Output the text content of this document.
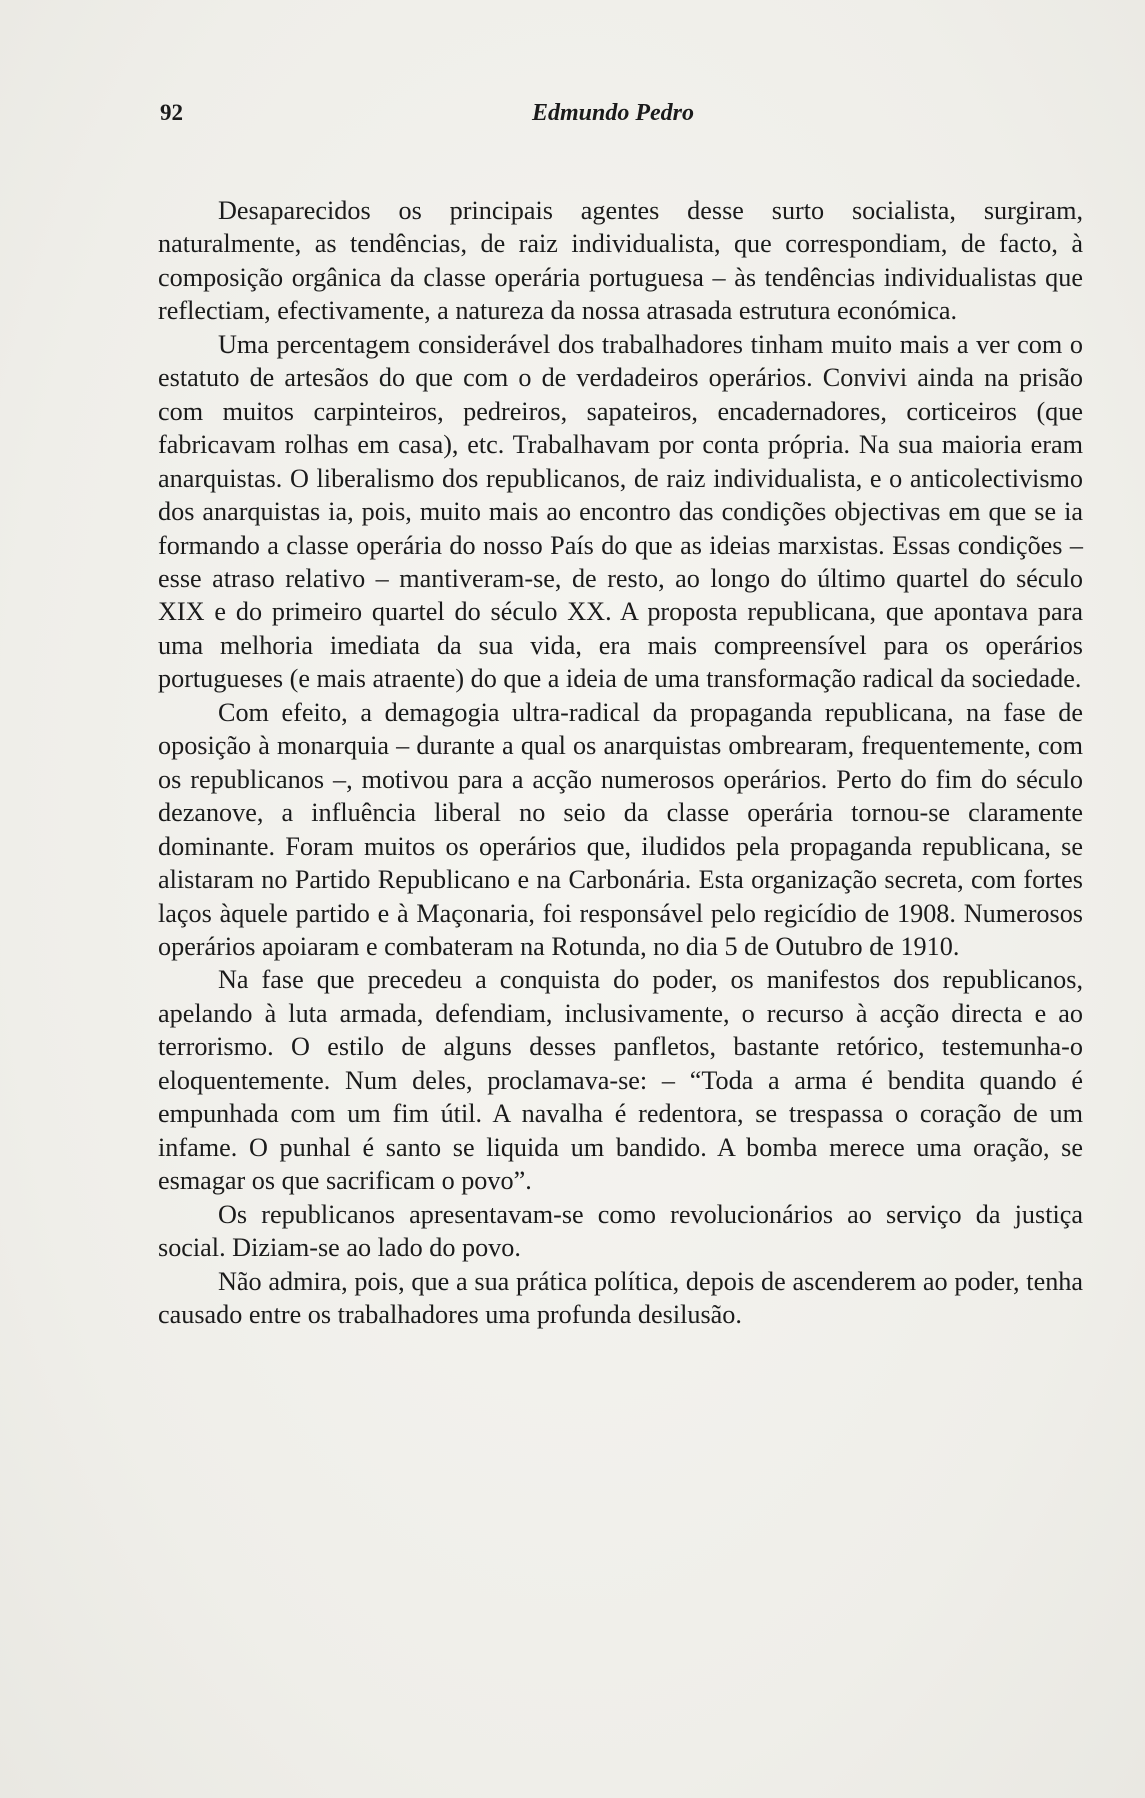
92	Edmundo Pedro

Desaparecidos os principais agentes desse surto socialista, surgiram, naturalmente, as tendências, de raiz individualista, que correspondiam, de facto, à composição orgânica da classe operária portuguesa – às tendências individualistas que reflectiam, efectivamente, a natureza da nossa atrasada estrutura económica.

Uma percentagem considerável dos trabalhadores tinham muito mais a ver com o estatuto de artesãos do que com o de verdadeiros operários. Convivi ainda na prisão com muitos carpinteiros, pedreiros, sapateiros, encadernadores, corticeiros (que fabricavam rolhas em casa), etc. Trabalhavam por conta própria. Na sua maioria eram anarquistas. O liberalismo dos republicanos, de raiz individualista, e o anticolectivismo dos anarquistas ia, pois, muito mais ao encontro das condições objectivas em que se ia formando a classe operária do nosso País do que as ideias marxistas. Essas condições – esse atraso relativo – mantiveram-se, de resto, ao longo do último quartel do século XIX e do primeiro quartel do século XX. A proposta republicana, que apontava para uma melhoria imediata da sua vida, era mais compreensível para os operários portugueses (e mais atraente) do que a ideia de uma transformação radical da sociedade.

Com efeito, a demagogia ultra-radical da propaganda republicana, na fase de oposição à monarquia – durante a qual os anarquistas ombrearam, frequentemente, com os republicanos –, motivou para a acção numerosos operários. Perto do fim do século dezanove, a influência liberal no seio da classe operária tornou-se claramente dominante. Foram muitos os operários que, iludidos pela propaganda republicana, se alistaram no Partido Republicano e na Carbonária. Esta organização secreta, com fortes laços àquele partido e à Maçonaria, foi responsável pelo regicídio de 1908. Numerosos operários apoiaram e combateram na Rotunda, no dia 5 de Outubro de 1910.

Na fase que precedeu a conquista do poder, os manifestos dos republicanos, apelando à luta armada, defendiam, inclusivamente, o recurso à acção directa e ao terrorismo. O estilo de alguns desses panfletos, bastante retórico, testemunha-o eloquentemente. Num deles, proclamava-se: – “Toda a arma é bendita quando é empunhada com um fim útil. A navalha é redentora, se trespassa o coração de um infame. O punhal é santo se liquida um bandido. A bomba merece uma oração, se esmagar os que sacrificam o povo”.

Os republicanos apresentavam-se como revolucionários ao serviço da justiça social. Diziam-se ao lado do povo.

Não admira, pois, que a sua prática política, depois de ascenderem ao poder, tenha causado entre os trabalhadores uma profunda desilusão.
